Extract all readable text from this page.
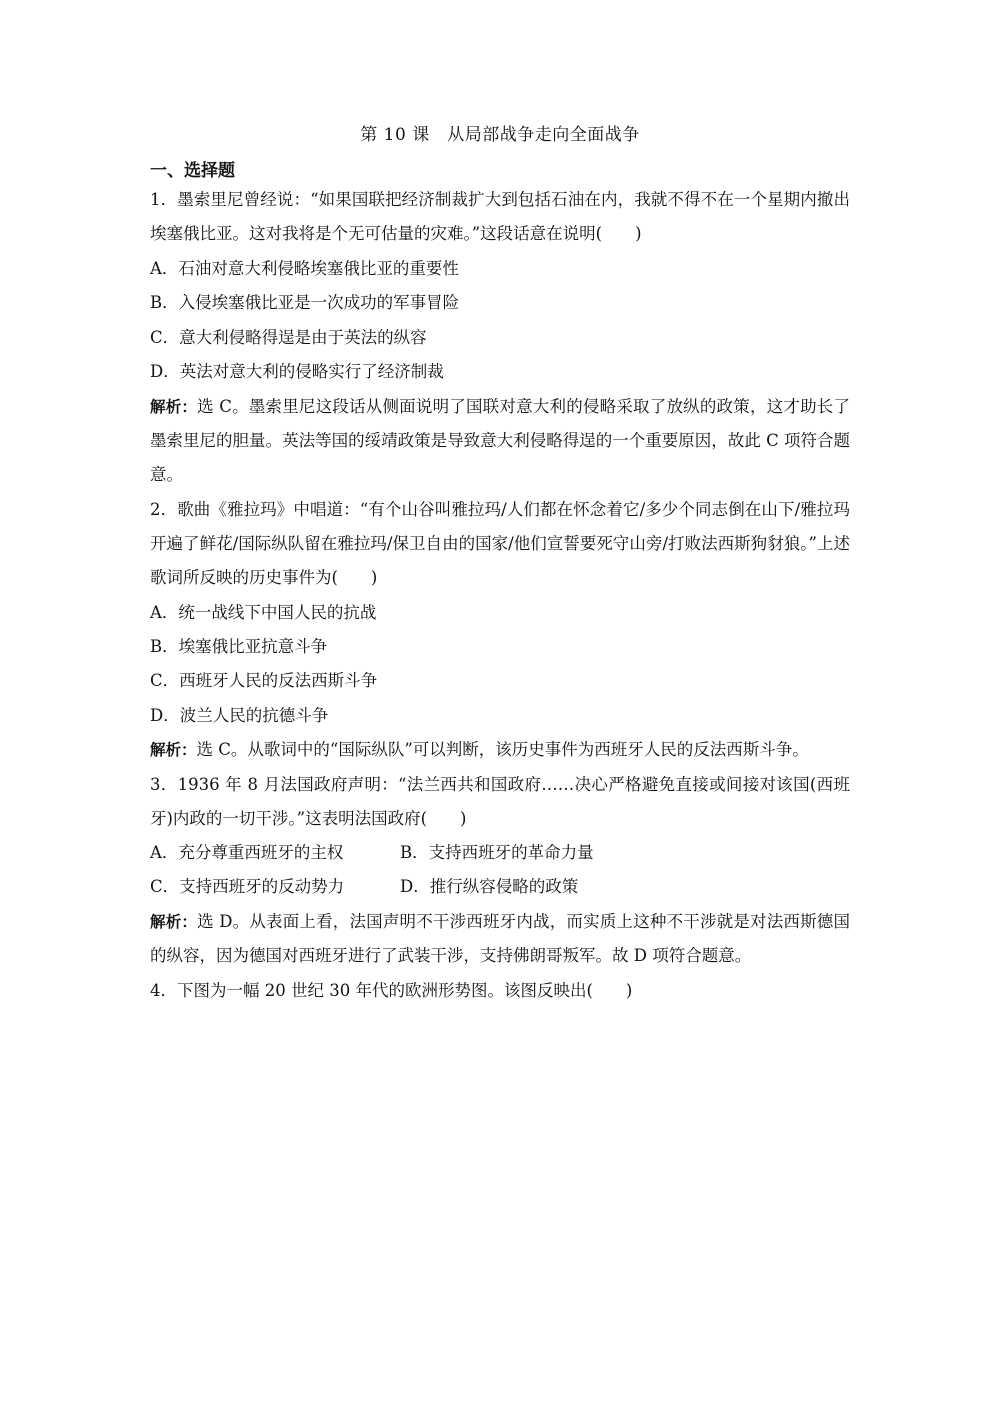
第 10 课　从局部战争走向全面战争
一、选择题
1．墨索里尼曾经说：“如果国联把经济制裁扩大到包括石油在内，我就不得不在一个星期内撤出埃塞俄比亚。这对我将是个无可估量的灾难。”这段话意在说明(　　)
A．石油对意大利侵略埃塞俄比亚的重要性
B．入侵埃塞俄比亚是一次成功的军事冒险
C．意大利侵略得逞是由于英法的纵容
D．英法对意大利的侵略实行了经济制裁
解析：选 C。墨索里尼这段话从侧面说明了国联对意大利的侵略采取了放纵的政策，这才助长了墨索里尼的胆量。英法等国的绥靖政策是导致意大利侵略得逞的一个重要原因，故此 C 项符合题意。
2．歌曲《雅拉玛》中唱道：“有个山谷叫雅拉玛/人们都在怀念着它/多少个同志倒在山下/雅拉玛开遍了鲜花/国际纵队留在雅拉玛/保卫自由的国家/他们宣誓要死守山旁/打败法西斯狗豺狼。”上述歌词所反映的历史事件为(　　)
A．统一战线下中国人民的抗战
B．埃塞俄比亚抗意斗争
C．西班牙人民的反法西斯斗争
D．波兰人民的抗德斗争
解析：选 C。从歌词中的“国际纵队”可以判断，该历史事件为西班牙人民的反法西斯斗争。
3．1936 年 8 月法国政府声明：“法兰西共和国政府……决心严格避免直接或间接对该国(西班牙)内政的一切干涉。”这表明法国政府(　　)
A．充分尊重西班牙的主权	B．支持西班牙的革命力量
C．支持西班牙的反动势力	D．推行纵容侵略的政策
解析：选 D。从表面上看，法国声明不干涉西班牙内战，而实质上这种不干涉就是对法西斯德国的纵容，因为德国对西班牙进行了武装干涉，支持佛朗哥叛军。故 D 项符合题意。
4．下图为一幅 20 世纪 30 年代的欧洲形势图。该图反映出(　　)
